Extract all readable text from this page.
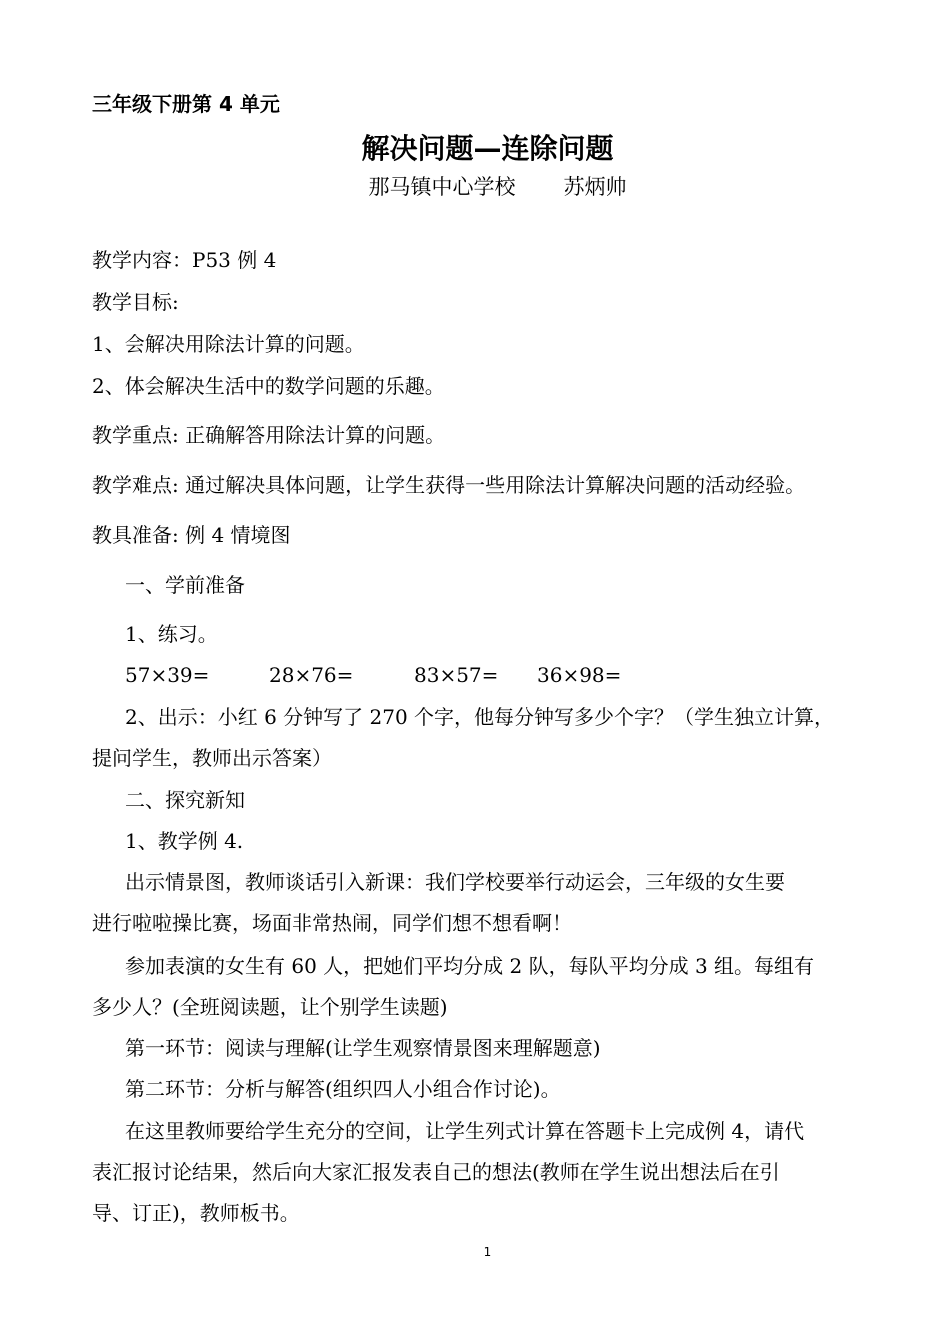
三年级下册第 4 单元
解决问题—连除问题
那马镇中心学校 苏炳帅
教学内容：P53 例 4
教学目标:
1、会解决用除法计算的问题。
2、体会解决生活中的数学问题的乐趣。
教学重点: 正确解答用除法计算的问题。
教学难点: 通过解决具体问题，让学生获得一些用除法计算解决问题的活动经验。
教具准备: 例 4 情境图
一、学前准备
1、练习。
57×39=	28×76=	83×57= 36×98=
2、出示：小红 6 分钟写了 270 个字，他每分钟写多少个字？（学生独立计算，
提问学生，教师出示答案）
二、探究新知
1、教学例 4.
出示情景图，教师谈话引入新课：我们学校要举行动运会，三年级的女生要
进行啦啦操比赛，场面非常热闹，同学们想不想看啊！
参加表演的女生有 60 人，把她们平均分成 2 队，每队平均分成 3 组。每组有
多少人？(全班阅读题，让个别学生读题)
第一环节：阅读与理解(让学生观察情景图来理解题意)
第二环节：分析与解答(组织四人小组合作讨论)。
在这里教师要给学生充分的空间，让学生列式计算在答题卡上完成例 4，请代
表汇报讨论结果，然后向大家汇报发表自己的想法(教师在学生说出想法后在引
导、订正)，教师板书。
1
